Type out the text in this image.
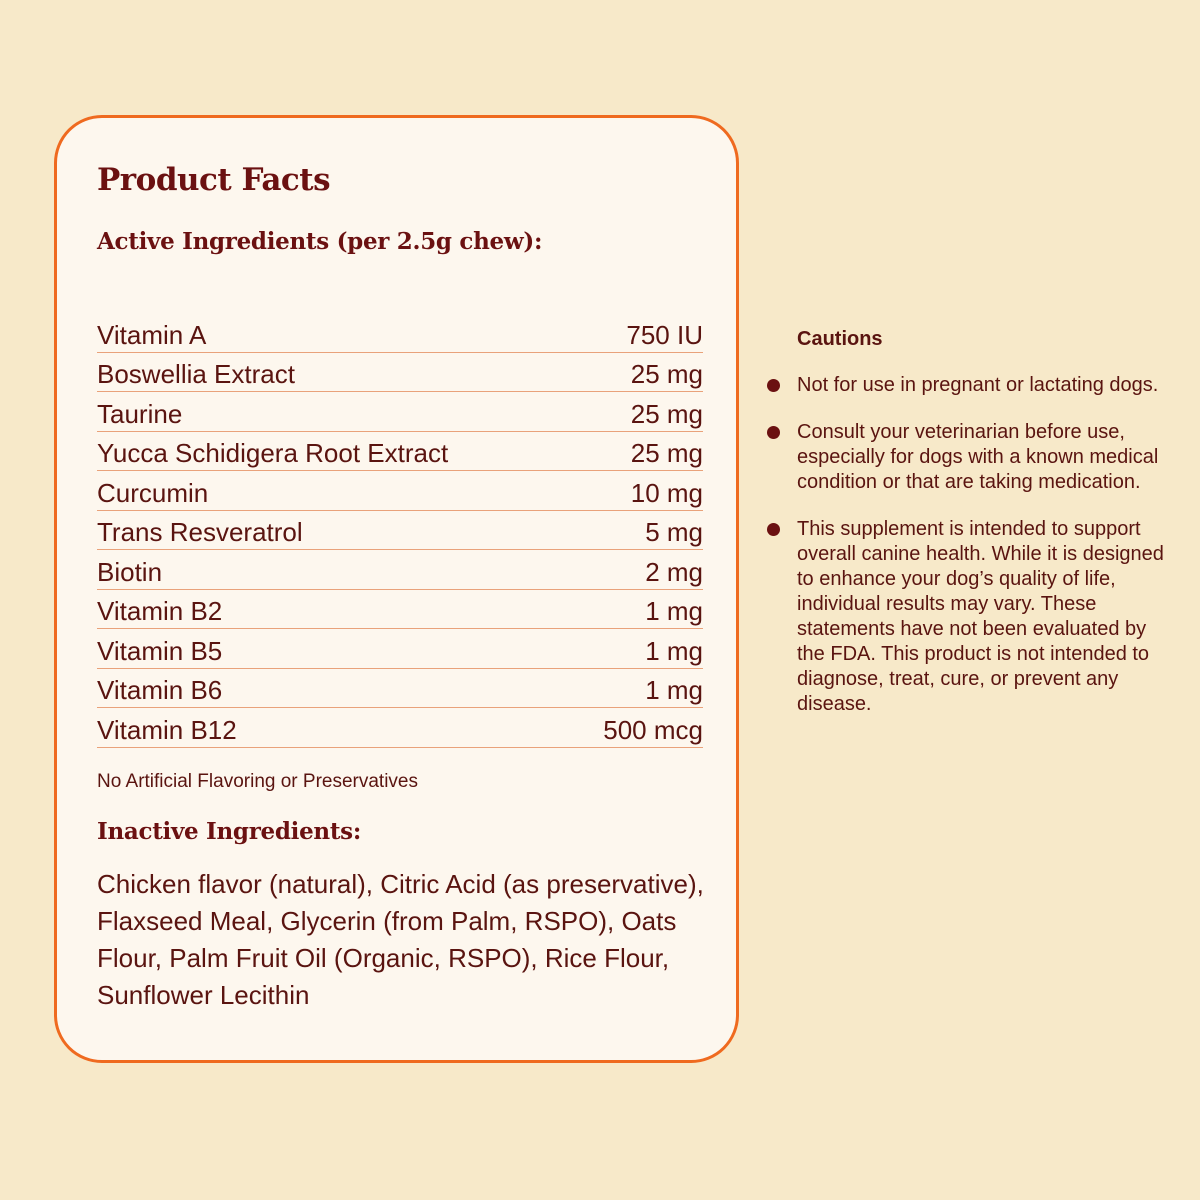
Product Facts
Active Ingredients (per 2.5g chew):
Vitamin A	750 IU
Boswellia Extract	25 mg
Taurine	25 mg
Yucca Schidigera Root Extract	25 mg
Curcumin	10 mg
Trans Resveratrol	5 mg
Biotin	2 mg
Vitamin B2	1 mg
Vitamin B5	1 mg
Vitamin B6	1 mg
Vitamin B12	500 mcg
No Artificial Flavoring or Preservatives
Inactive Ingredients:
Chicken flavor (natural), Citric Acid (as preservative), Flaxseed Meal, Glycerin (from Palm, RSPO), Oats Flour, Palm Fruit Oil (Organic, RSPO), Rice Flour, Sunflower Lecithin
Cautions
Not for use in pregnant or lactating dogs.
Consult your veterinarian before use, especially for dogs with a known medical condition or that are taking medication.
This supplement is intended to support overall canine health. While it is designed to enhance your dog’s quality of life, individual results may vary. These statements have not been evaluated by the FDA. This product is not intended to diagnose, treat, cure, or prevent any disease.
